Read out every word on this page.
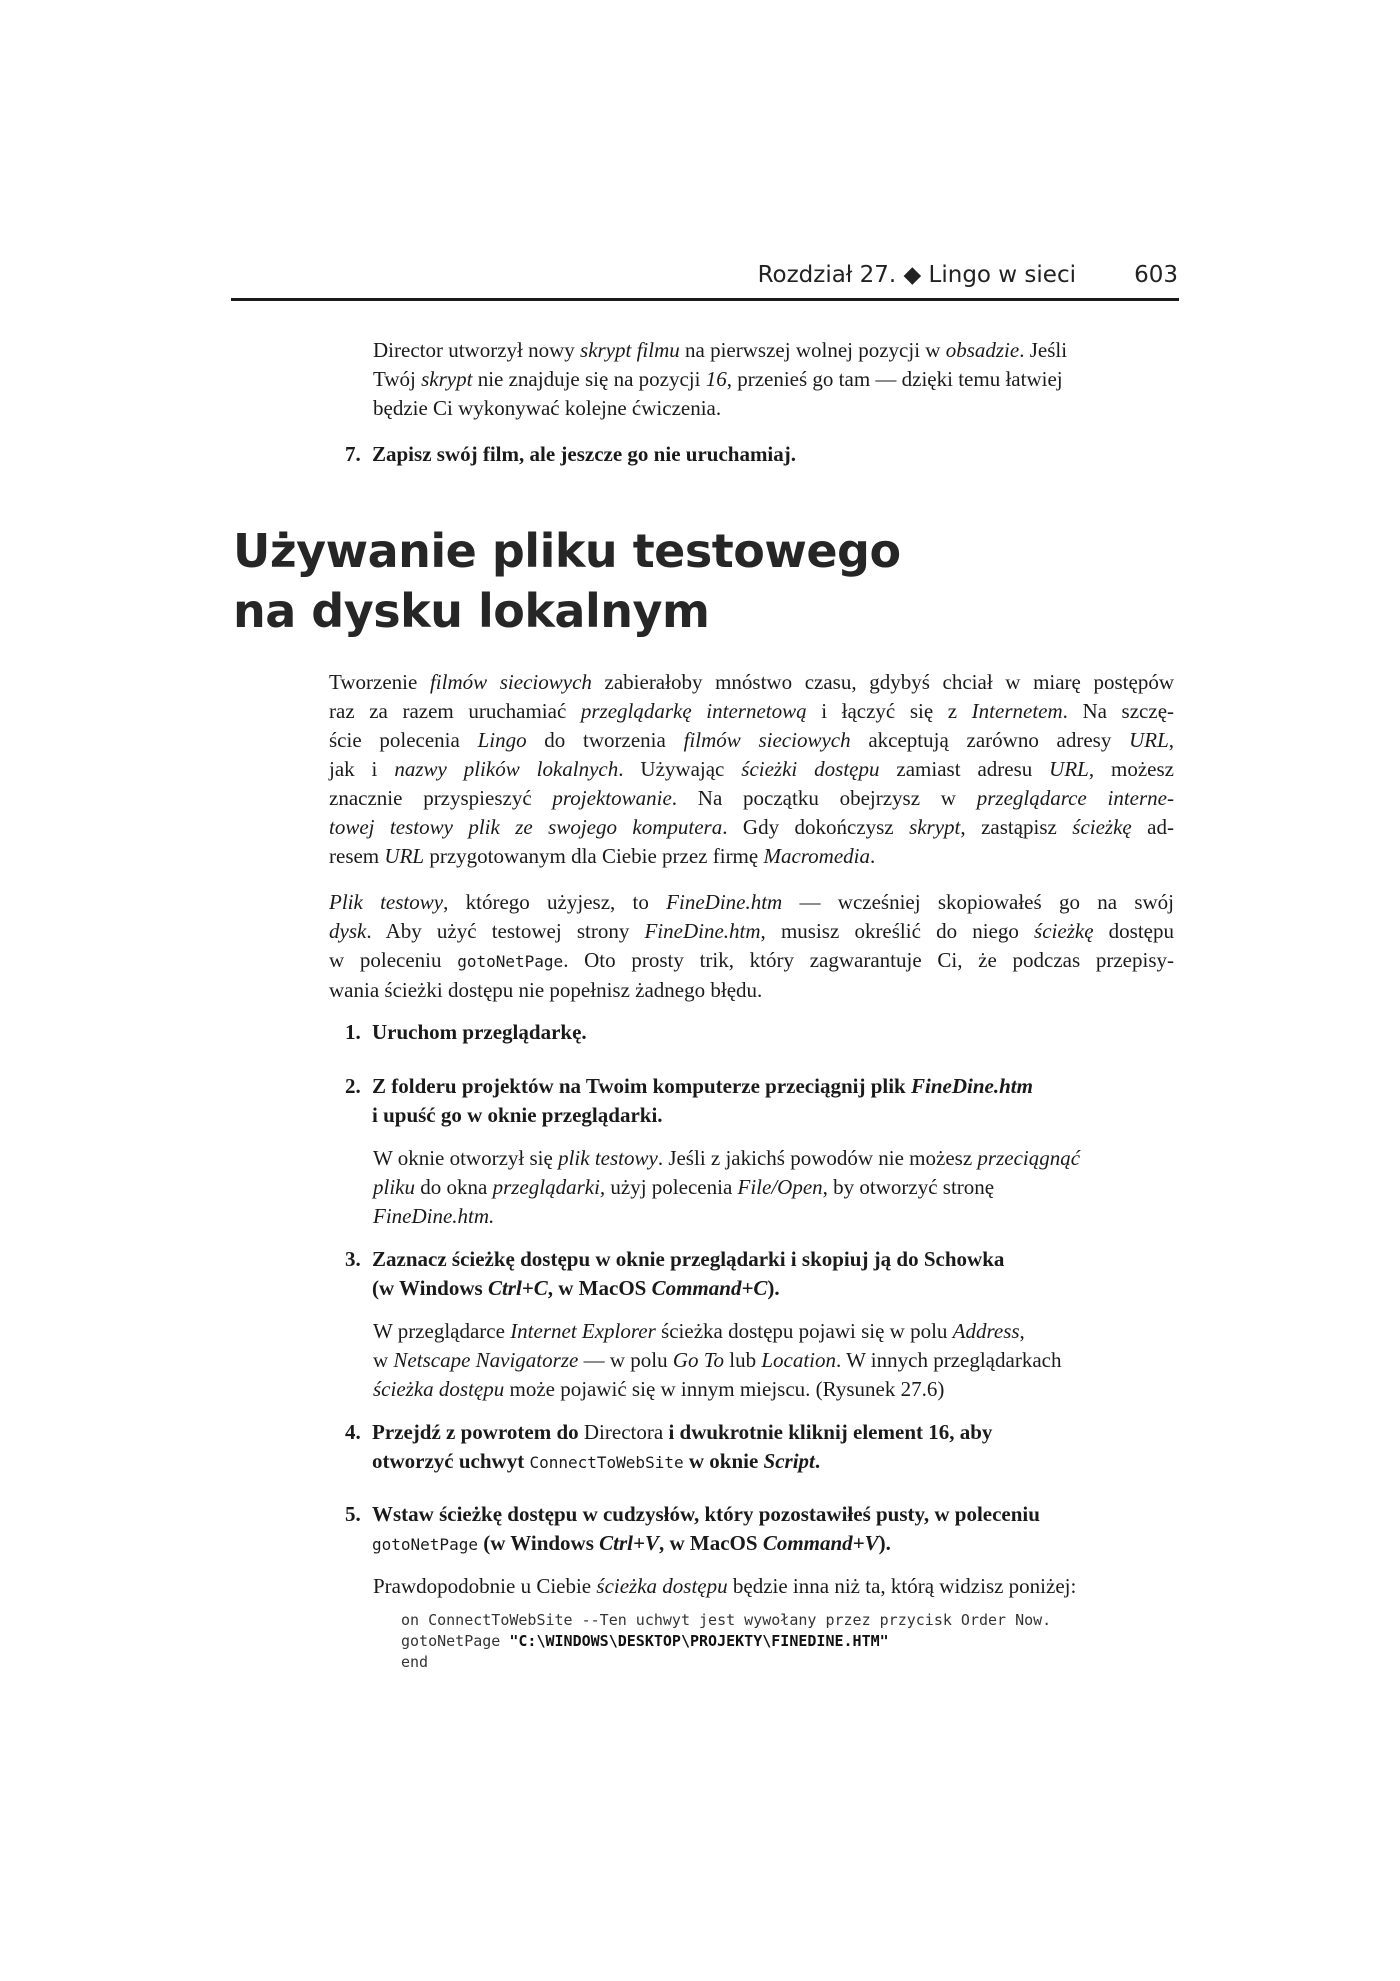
Rozdział 27. ◆ Lingo w sieci	603
Director utworzył nowy skrypt filmu na pierwszej wolnej pozycji w obsadzie. Jeśli
Twój skrypt nie znajduje się na pozycji 16, przenieś go tam — dzięki temu łatwiej
będzie Ci wykonywać kolejne ćwiczenia.
7. Zapisz swój film, ale jeszcze go nie uruchamiaj.
Używanie pliku testowego
na dysku lokalnym
Tworzenie filmów sieciowych zabierałoby mnóstwo czasu, gdybyś chciał w miarę postępów
raz za razem uruchamiać przeglądarkę internetową i łączyć się z Internetem. Na szczę-
ście polecenia Lingo do tworzenia filmów sieciowych akceptują zarówno adresy URL,
jak i nazwy plików lokalnych. Używając ścieżki dostępu zamiast adresu URL, możesz
znacznie przyspieszyć projektowanie. Na początku obejrzysz w przeglądarce interne-
towej testowy plik ze swojego komputera. Gdy dokończysz skrypt, zastąpisz ścieżkę ad-
resem URL przygotowanym dla Ciebie przez firmę Macromedia.
Plik testowy, którego użyjesz, to FineDine.htm — wcześniej skopiowałeś go na swój
dysk. Aby użyć testowej strony FineDine.htm, musisz określić do niego ścieżkę dostępu
w poleceniu gotoNetPage. Oto prosty trik, który zagwarantuje Ci, że podczas przepisy-
wania ścieżki dostępu nie popełnisz żadnego błędu.
1. Uruchom przeglądarkę.
2. Z folderu projektów na Twoim komputerze przeciągnij plik FineDine.htm
i upuść go w oknie przeglądarki.
W oknie otworzył się plik testowy. Jeśli z jakichś powodów nie możesz przeciągnąć
pliku do okna przeglądarki, użyj polecenia File/Open, by otworzyć stronę
FineDine.htm.
3. Zaznacz ścieżkę dostępu w oknie przeglądarki i skopiuj ją do Schowka
(w Windows Ctrl+C, w MacOS Command+C).
W przeglądarce Internet Explorer ścieżka dostępu pojawi się w polu Address,
w Netscape Navigatorze — w polu Go To lub Location. W innych przeglądarkach
ścieżka dostępu może pojawić się w innym miejscu. (Rysunek 27.6)
4. Przejdź z powrotem do Directora i dwukrotnie kliknij element 16, aby
otworzyć uchwyt ConnectToWebSite w oknie Script.
5. Wstaw ścieżkę dostępu w cudzysłów, który pozostawiłeś pusty, w poleceniu
gotoNetPage (w Windows Ctrl+V, w MacOS Command+V).
Prawdopodobnie u Ciebie ścieżka dostępu będzie inna niż ta, którą widzisz poniżej:
on ConnectToWebSite --Ten uchwyt jest wywołany przez przycisk Order Now.
gotoNetPage "C:\WINDOWS\DESKTOP\PROJEKTY\FINEDINE.HTM"
end
